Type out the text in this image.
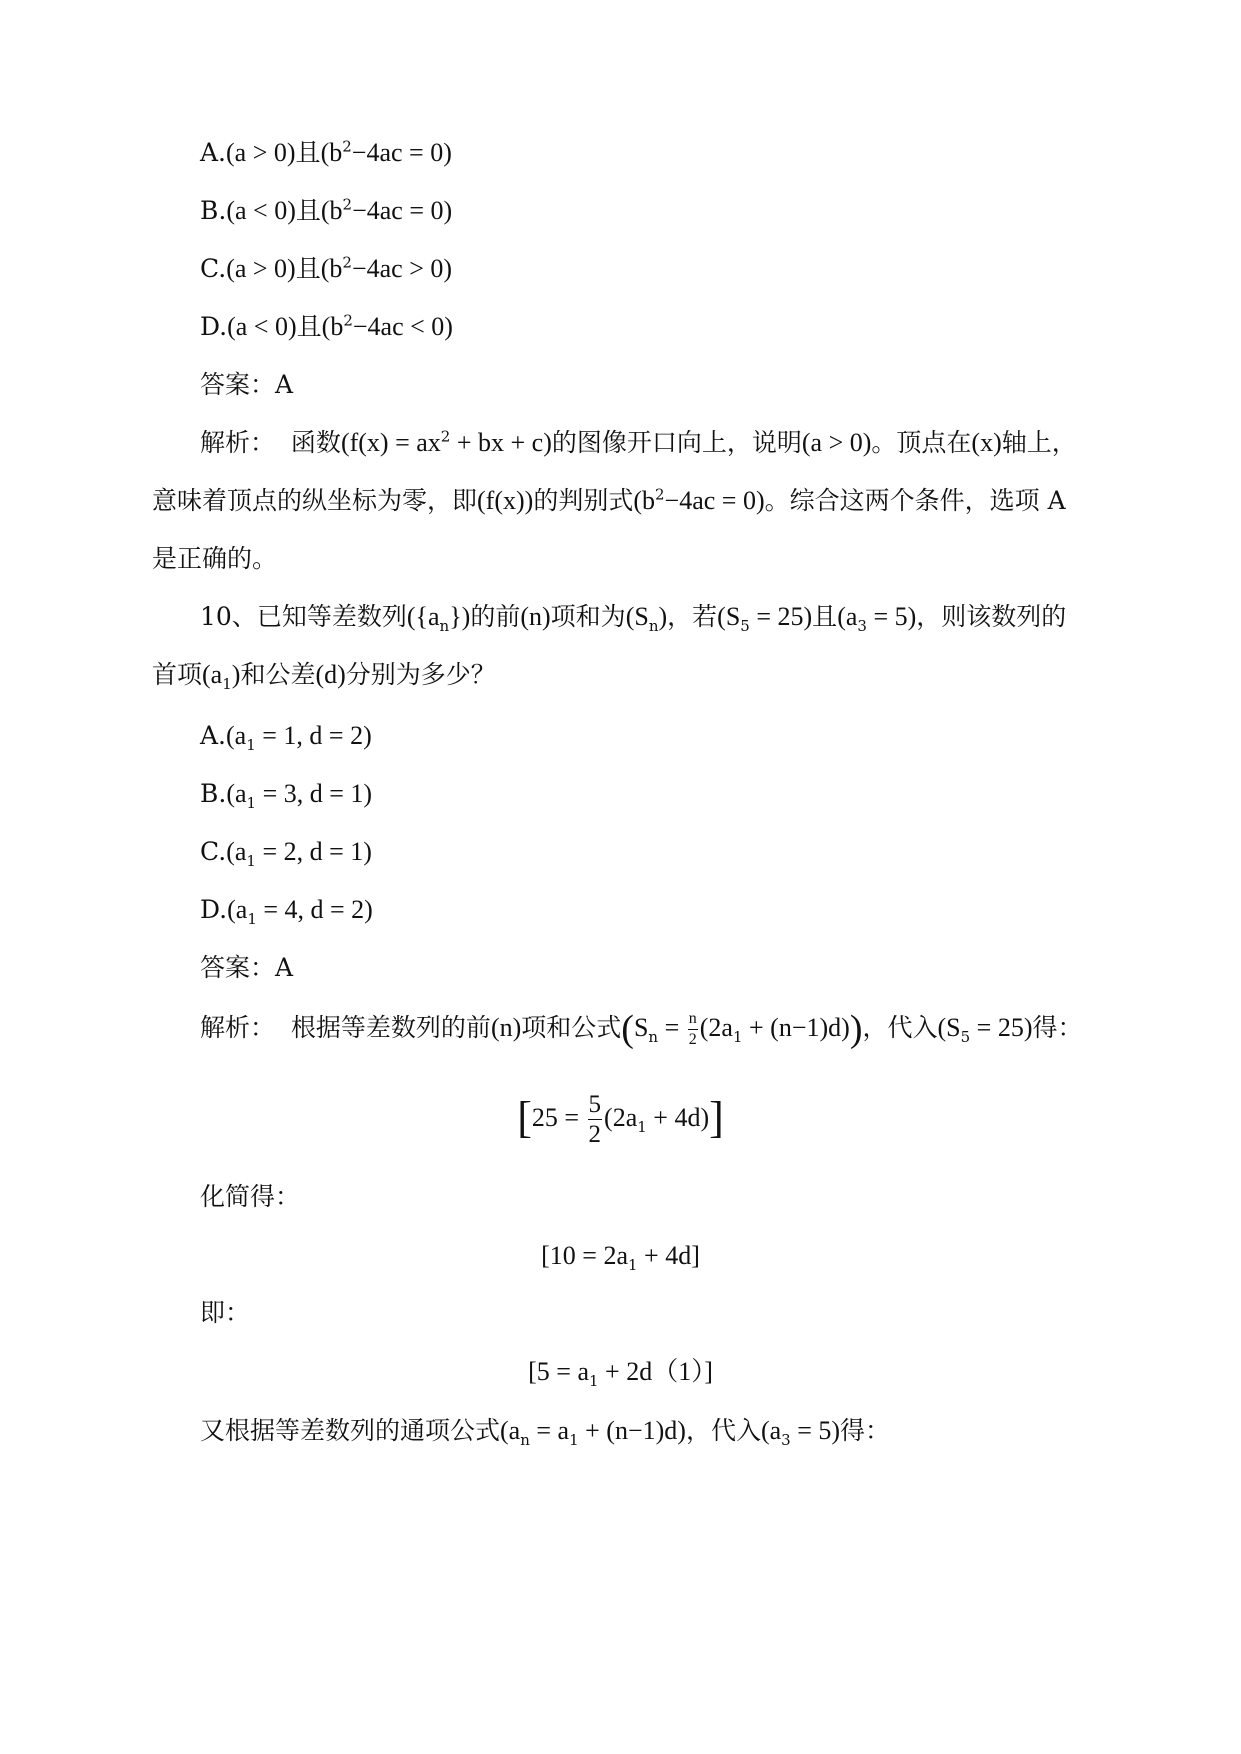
A.(a > 0)且$(b^2-4ac = 0)$
B.(a < 0)且$(b^2-4ac = 0)$
C.(a > 0)且$(b^2-4ac > 0)$
D.(a < 0)且$(b^2-4ac < 0)$
答案：A
解析： 函数($f(x) = ax^2$ + bx + c)的图像开口向上，说明(a > 0)。顶点在(x)轴上，
意味着顶点的纵坐标为零，即(f(x))的判别式$(b^2-4ac = 0)$。综合这两个条件，选项 A
是正确的。
10、已知等差数列$(\{a_n\})$的前(n)项和为$(S_n)$，若$(S_5 = 25)$且$(a_3 = 5)$，则该数列的
首项$(a_1)$和公差(d)分别为多少？
$A.(a_1 = 1$, d = 2)
$B.(a_1 = 3$, d = 1)
$C.(a_1 = 2$, d = 1)
$D.(a_1 = 4$, d = 2)
答案：A
解析： 根据等差数列的前(n)项和公式$(S_n = \frac{n}{2} (2a_1 + (n-1)d))$，代入$(S_5 = 25)$得：
$[25 = \frac{5}{2} (2a_1 + 4d)]$
化简得：
$[10 = 2a_1 + 4d]$
即：
$[5 = a_1 + 2d(1)]$
又根据等差数列的通项公式$(a_n = a_1 + (n-1)d)$，代入$(a_3 = 5)$得：
